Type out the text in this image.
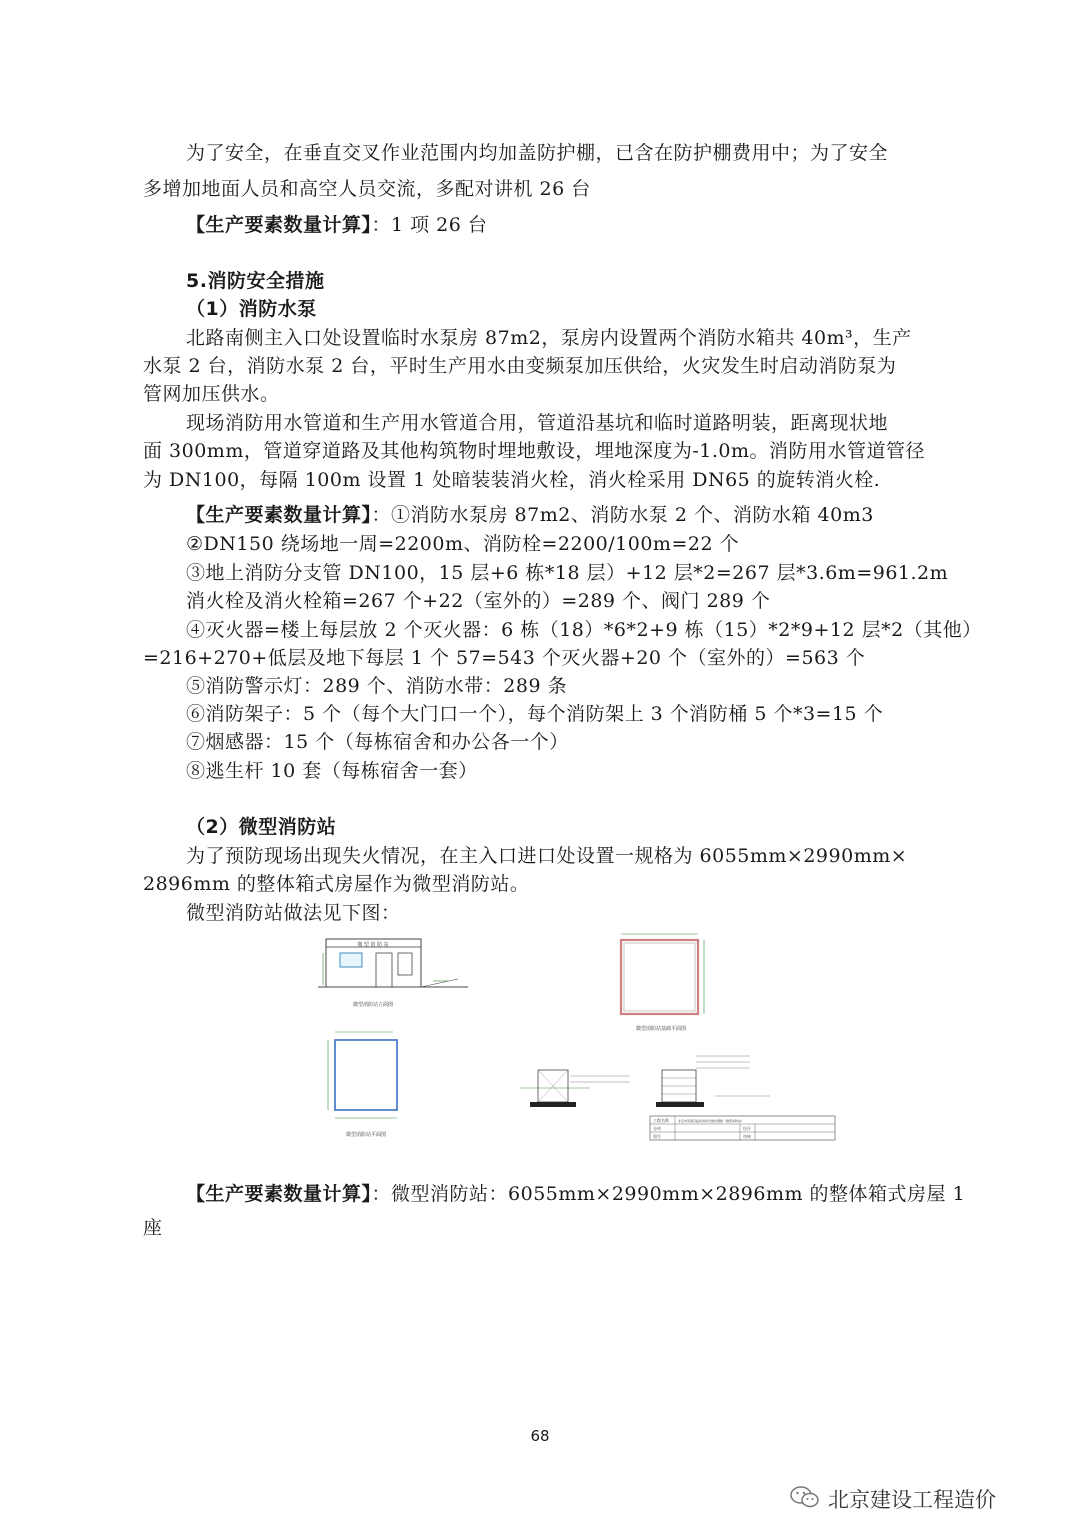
为了安全，在垂直交叉作业范围内均加盖防护棚，已含在防护棚费用中；为了安全
多增加地面人员和高空人员交流，多配对讲机 26 台
【生产要素数量计算】：1 项 26 台
5.消防安全措施
（1）消防水泵
北路南侧主入口处设置临时水泵房 87m2，泵房内设置两个消防水箱共 40m³，生产
水泵 2 台，消防水泵 2 台，平时生产用水由变频泵加压供给，火灾发生时启动消防泵为
管网加压供水。
现场消防用水管道和生产用水管道合用，管道沿基坑和临时道路明装，距离现状地
面 300mm，管道穿道路及其他构筑物时埋地敷设，埋地深度为-1.0m。消防用水管道管径
为 DN100，每隔 100m 设置 1 处暗装装消火栓，消火栓采用 DN65 的旋转消火栓.
【生产要素数量计算】：①消防水泵房 87m2、消防水泵 2 个、消防水箱 40m3
②DN150 绕场地一周=2200m、消防栓=2200/100m=22 个
③地上消防分支管 DN100，15 层+6 栋*18 层）+12 层*2=267 层*3.6m=961.2m
消火栓及消火栓箱=267 个+22（室外的）=289 个、阀门 289 个
④灭火器=楼上每层放 2 个灭火器：6 栋（18）*6*2+9 栋（15）*2*9+12 层*2（其他）
=216+270+低层及地下每层 1 个 57=543 个灭火器+20 个（室外的）=563 个
⑤消防警示灯：289 个、消防水带：289 条
⑥消防架子：5 个（每个大门口一个），每个消防架上 3 个消防桶 5 个*3=15 个
⑦烟感器：15 个（每栋宿舍和办公各一个）
⑧逃生杆 10 套（每栋宿舍一套）
（2）微型消防站
为了预防现场出现失火情况，在主入口进口处设置一规格为 6055mm×2990mm×
2896mm 的整体箱式房屋作为微型消防站。
微型消防站做法见下图：
微 型 消 防 站
微型消防站立面图
微型消防站基础平面图
微型消防站平面图
工程名称	北京市某项目临时消防设施布置图（微型消防站）
分项	设计
审核
图号
【生产要素数量计算】：微型消防站：6055mm×2990mm×2896mm 的整体箱式房屋 1
座
68
北京建设工程造价
